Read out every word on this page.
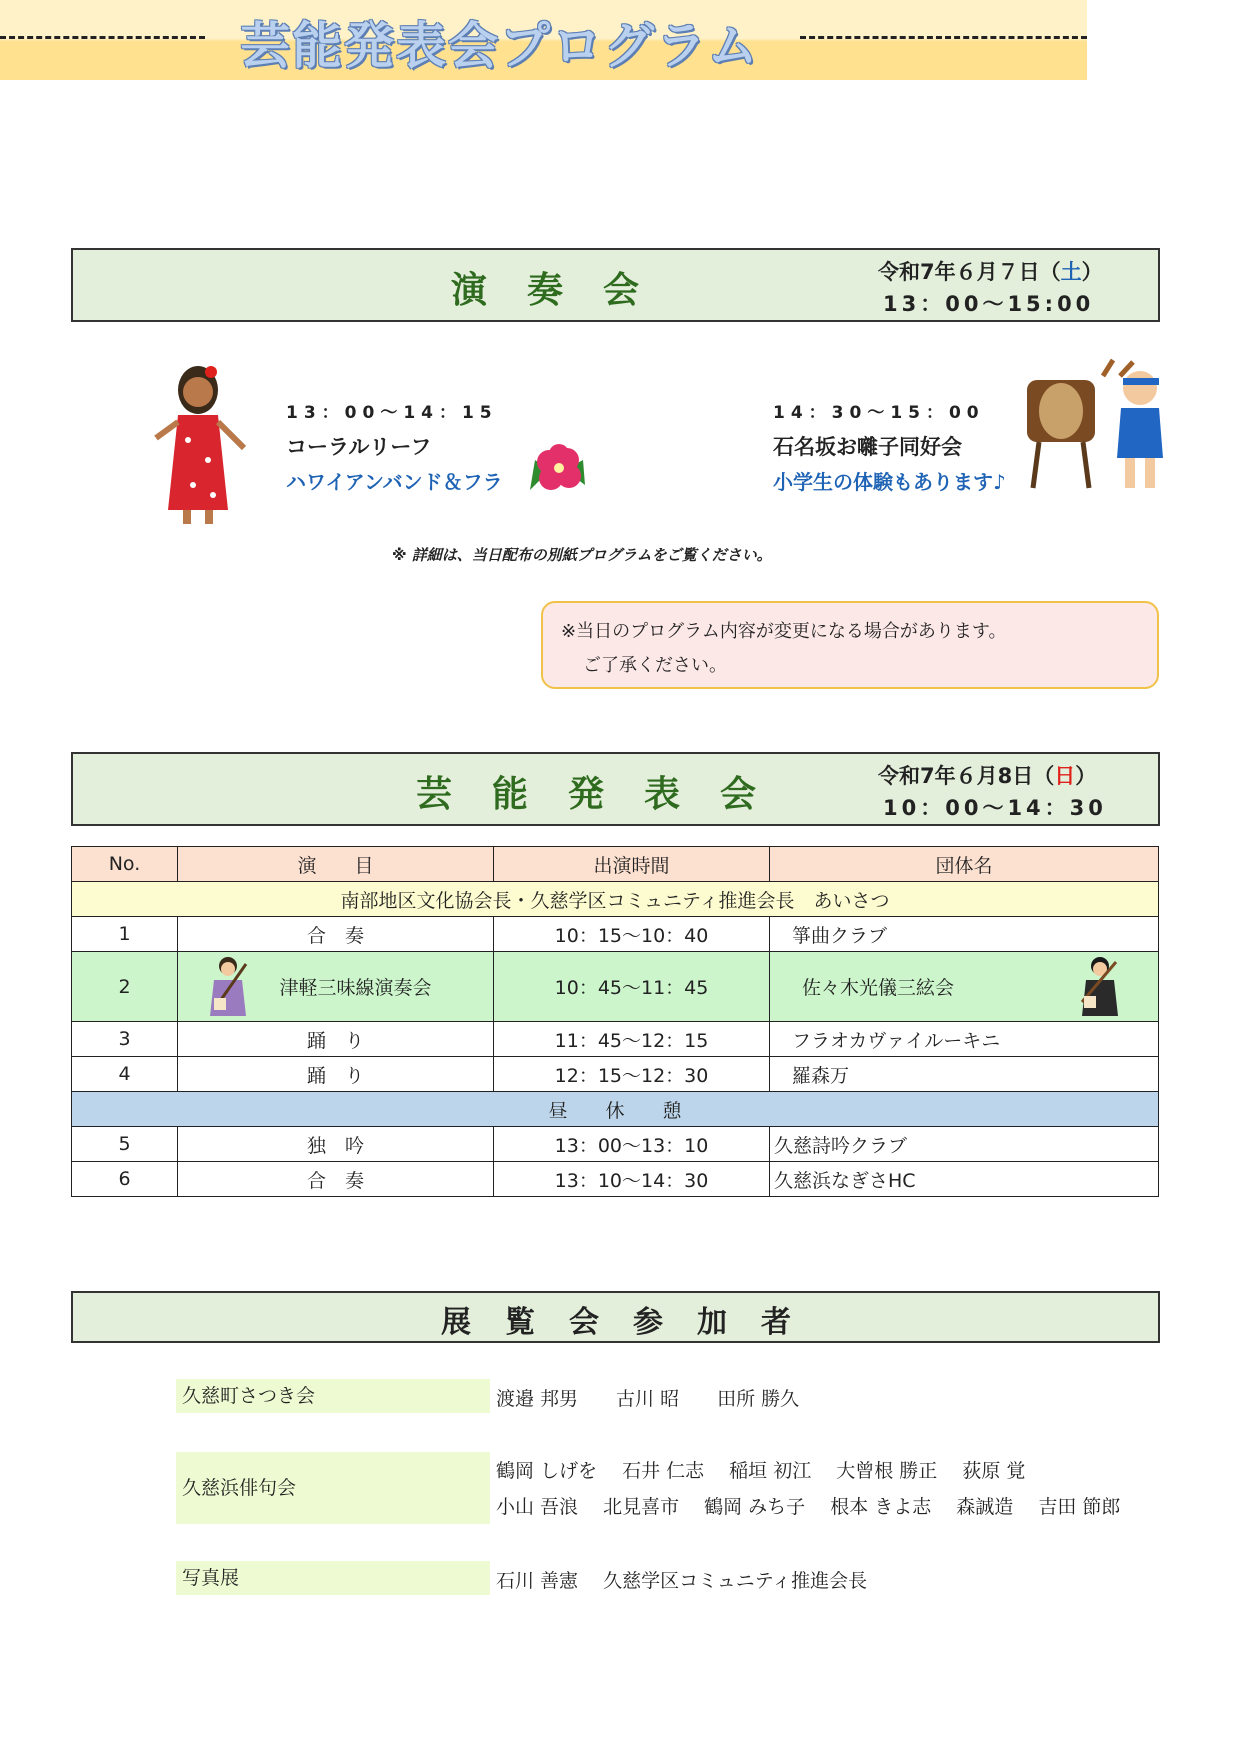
芸能発表会プログラム
演　奏　会	令和7年６月７日（土）
13：00～15:00
13：00～14：15
コーラルリーフ
ハワイアンバンド＆フラ
14：30～15：00
石名坂お囃子同好会
小学生の体験もあります♪
※ 詳細は、当日配布の別紙プログラムをご覧ください。
※当日のプログラム内容が変更になる場合があります。
ご了承ください。
芸　能　発　表　会	令和7年６月8日（日）
10：00～14：30
No.	演　　目	出演時間	団体名
南部地区文化協会長・久慈学区コミュニティ推進会長　あいさつ			
1	合　奏	10：15～10：40	箏曲クラブ
2	津軽三味線演奏会	10：45～11：45	佐々木光儀三絃会

3	踊　り	11：45～12：15	フラオカヴァイルーキニ
4	踊　り	12：15～12：30	羅森万
昼　　休　　憩			
5	独　吟	13：00～13：10	久慈詩吟クラブ
6	合　奏	13：10～14：30	久慈浜なぎさHC
展　覧　会　参　加　者
久慈町さつき会	渡邉 邦男　　古川 昭　　田所 勝久
久慈浜俳句会
鶴岡 しげを　 石井 仁志　 稲垣 初江　 大曾根 勝正　 荻原 覚
小山 吾浪　 北見喜市　 鶴岡 みち子　 根本 きよ志　 森誠造　 吉田 節郎
写真展	石川 善憲　 久慈学区コミュニティ推進会長
